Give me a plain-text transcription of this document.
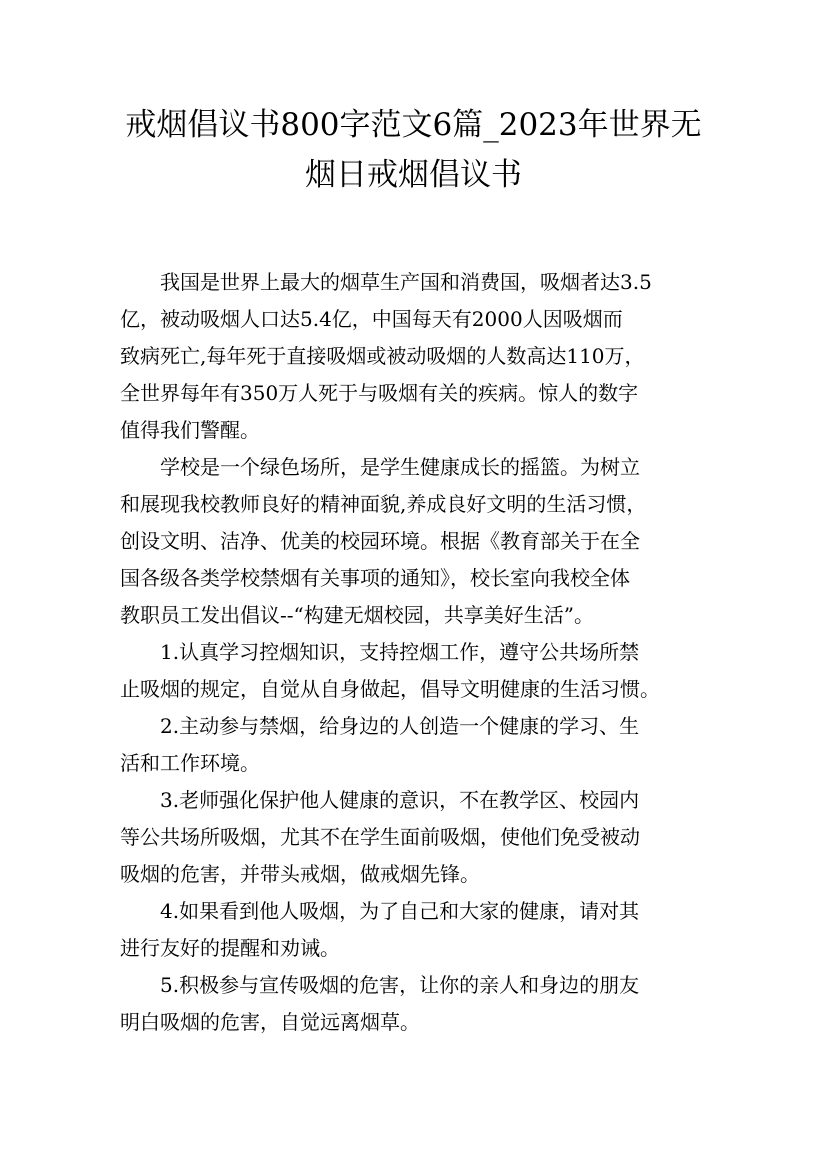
戒烟倡议书800字范文6篇_2023年世界无
烟日戒烟倡议书

我国是世界上最大的烟草生产国和消费国，吸烟者达3.5
亿，被动吸烟人口达5.4亿，中国每天有2000人因吸烟而
致病死亡,每年死于直接吸烟或被动吸烟的人数高达110万，
全世界每年有350万人死于与吸烟有关的疾病。惊人的数字
值得我们警醒。

学校是一个绿色场所，是学生健康成长的摇篮。为树立
和展现我校教师良好的精神面貌,养成良好文明的生活习惯，
创设文明、洁净、优美的校园环境。根据《教育部关于在全
国各级各类学校禁烟有关事项的通知》，校长室向我校全体
教职员工发出倡议--“构建无烟校园，共享美好生活”。

1.认真学习控烟知识，支持控烟工作，遵守公共场所禁
止吸烟的规定，自觉从自身做起，倡导文明健康的生活习惯。

2.主动参与禁烟，给身边的人创造一个健康的学习、生
活和工作环境。

3.老师强化保护他人健康的意识，不在教学区、校园内
等公共场所吸烟，尤其不在学生面前吸烟，使他们免受被动
吸烟的危害，并带头戒烟，做戒烟先锋。

4.如果看到他人吸烟，为了自己和大家的健康，请对其
进行友好的提醒和劝诫。

5.积极参与宣传吸烟的危害，让你的亲人和身边的朋友
明白吸烟的危害，自觉远离烟草。
